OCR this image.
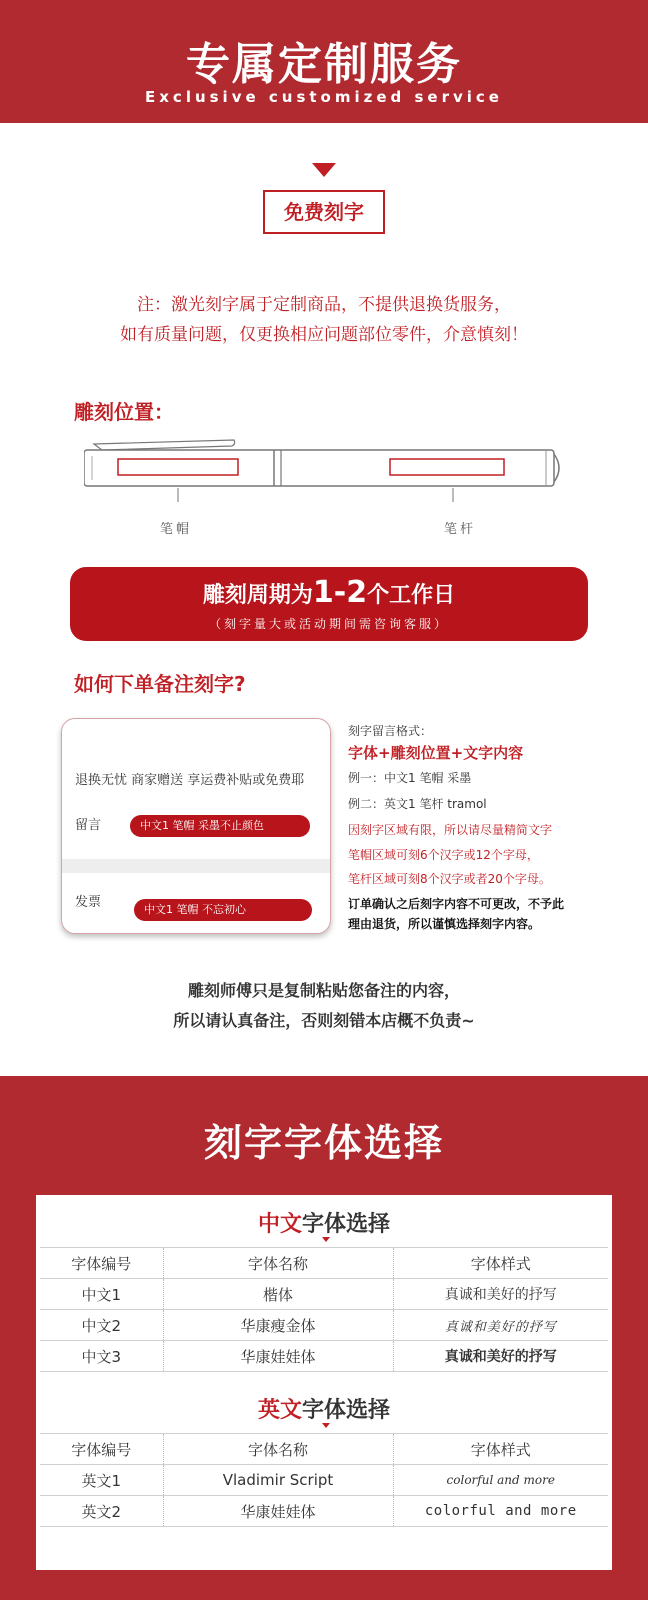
专属定制服务
Exclusive customized service
免费刻字
注：激光刻字属于定制商品，不提供退换货服务，
如有质量问题，仅更换相应问题部位零件，介意慎刻！
雕刻位置：
笔帽	笔杆
雕刻周期为1-2个工作日
（刻字量大或活动期间需咨询客服）
如何下单备注刻字?
退换无忧 商家赠送 享运费补贴或免费耶
留言	中文1 笔帽 采墨不止颜色
发票	中文1 笔帽 不忘初心
刻字留言格式：
字体+雕刻位置+文字内容
例一：中文1 笔帽 采墨
例二：英文1 笔杆 tramol
因刻字区域有限，所以请尽量精简文字
笔帽区域可刻6个汉字或12个字母，
笔杆区域可刻8个汉字或者20个字母。
订单确认之后刻字内容不可更改，不予此
理由退货，所以谨慎选择刻字内容。
雕刻师傅只是复制粘贴您备注的内容，
所以请认真备注，否则刻错本店概不负责~
刻字字体选择
中文字体选择
字体编号	字体名称	字体样式
中文1	楷体	真诚和美好的抒写
中文2	华康瘦金体	真诚和美好的抒写
中文3	华康娃娃体	真诚和美好的抒写
英文字体选择
字体编号	字体名称	字体样式
英文1	Vladimir Script	colorful and more
英文2	华康娃娃体	colorful and more
